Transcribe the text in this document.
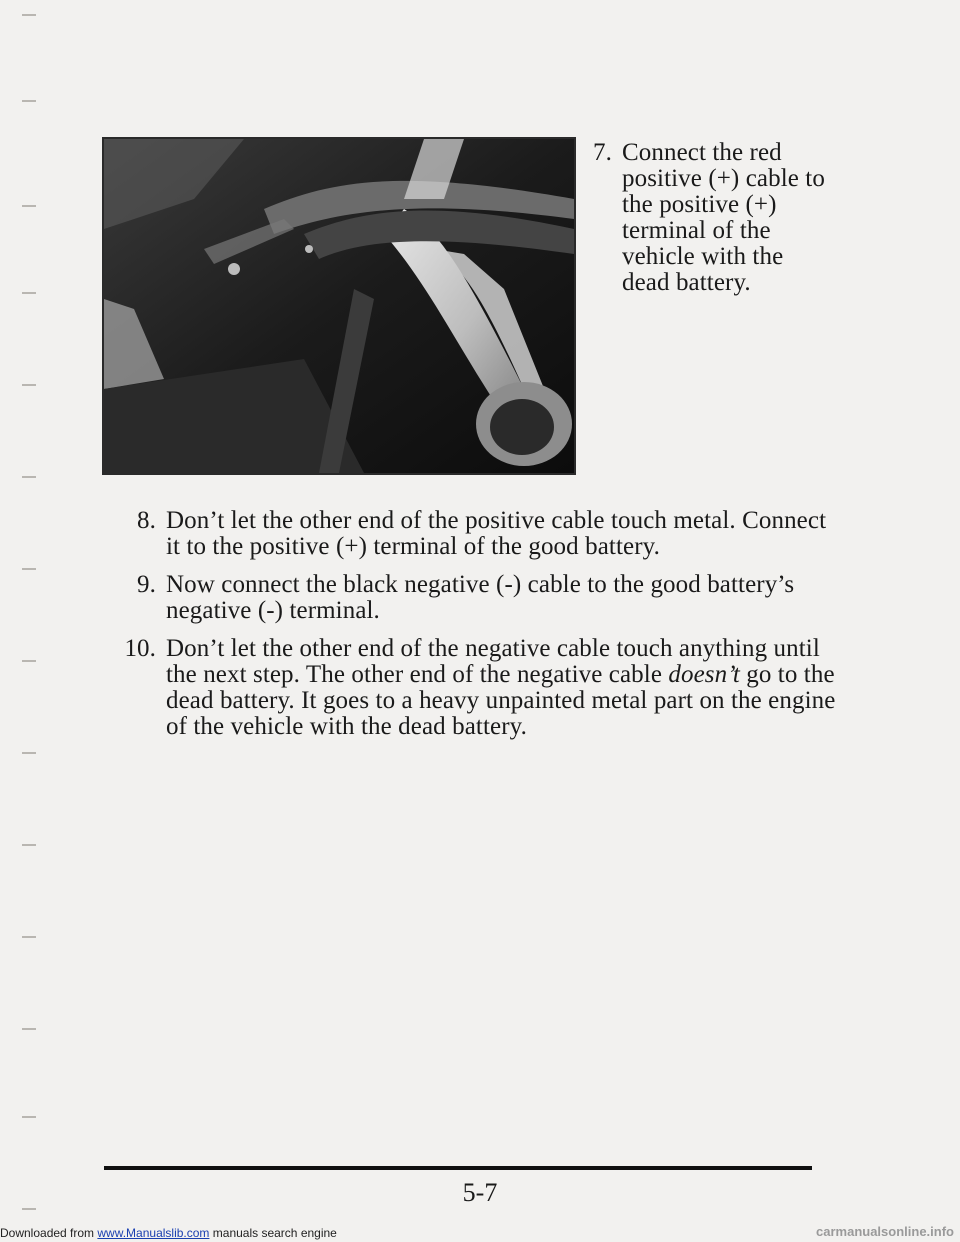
7. Connect the red positive (+) cable to the positive (+) terminal of the vehicle with the dead battery.
8. Don’t let the other end of the positive cable touch metal. Connect it to the positive (+) terminal of the good battery.
9. Now connect the black negative (-) cable to the good battery’s negative (-) terminal.
10. Don’t let the other end of the negative cable touch anything until the next step. The other end of the negative cable doesn’t go to the dead battery. It goes to a heavy unpainted metal part on the engine of the vehicle with the dead battery.
5-7
Downloaded from www.Manualslib.com manuals search engine	carmanualsonline.info
